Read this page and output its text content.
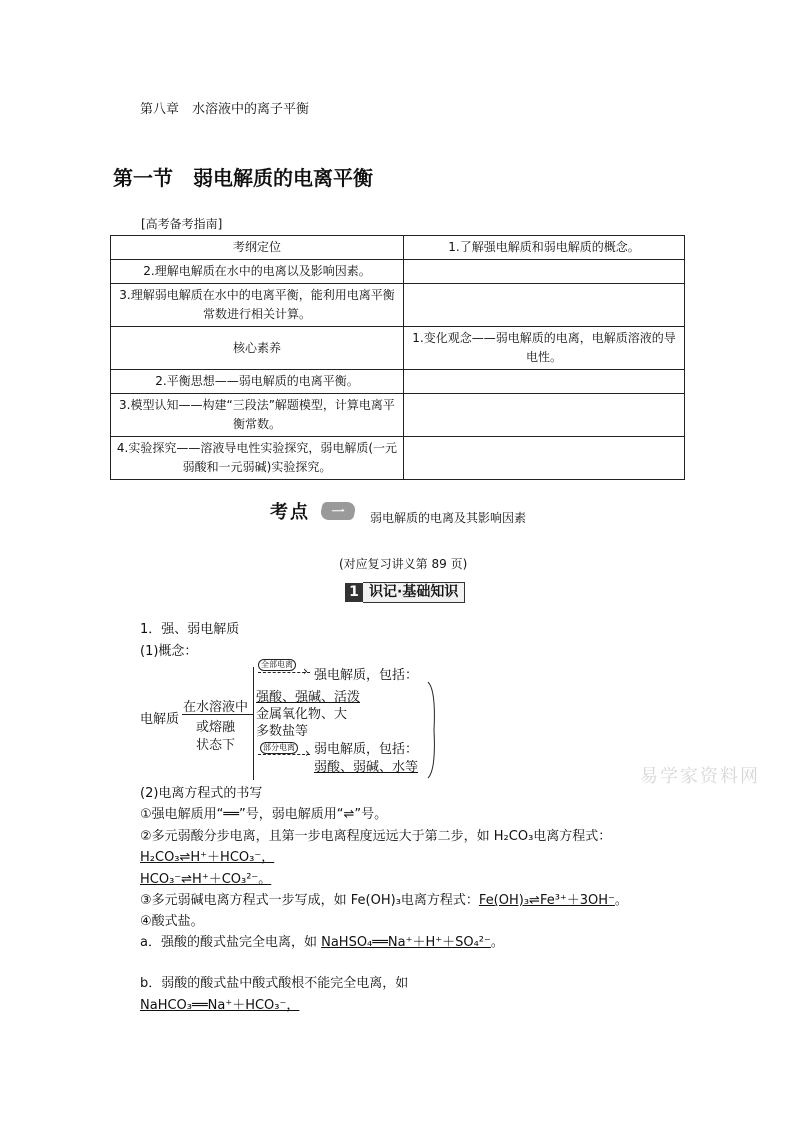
第八章　水溶液中的离子平衡
第一节　弱电解质的电离平衡
[高考备考指南]
考纲定位	1.了解强电解质和弱电解质的概念。
2.理解电解质在水中的电离以及影响因素。	
3.理解弱电解质在水中的电离平衡，能利用电离平衡常数进行相关计算。	
核心素养	1.变化观念——弱电解质的电离，电解质溶液的导电性。
2.平衡思想——弱电解质的电离平衡。	
3.模型认知——构建“三段法”解题模型，计算电离平衡常数。	
4.实验探究——溶液导电性实验探究，弱电解质(一元弱酸和一元弱碱)实验探究。	
考点	一	弱电解质的电离及其影响因素
(对应复习讲义第 89 页)
1 识记·基础知识
1．强、弱电解质
(1)概念：
电解质
在水溶液中
或熔融
状态下
全部电离 › 强电解质，包括：
强酸、强碱、活泼
金属氧化物、大
多数盐等
部分电离 › 弱电解质，包括：
弱酸、弱碱、水等	易学家资料网
(2)电离方程式的书写
①强电解质用“══”号，弱电解质用“⇌”号。
②多元弱酸分步电离，且第一步电离程度远远大于第二步，如 H₂CO₃电离方程式：
H₂CO₃⇌H⁺＋HCO₃⁻，
HCO₃⁻⇌H⁺＋CO₃²⁻。
③多元弱碱电离方程式一步写成，如 Fe(OH)₃电离方程式：Fe(OH)₃⇌Fe³⁺＋3OH⁻。
④酸式盐。
a．强酸的酸式盐完全电离，如 NaHSO₄══Na⁺＋H⁺＋SO₄²⁻。
b．弱酸的酸式盐中酸式酸根不能完全电离，如
NaHCO₃══Na⁺＋HCO₃⁻，
